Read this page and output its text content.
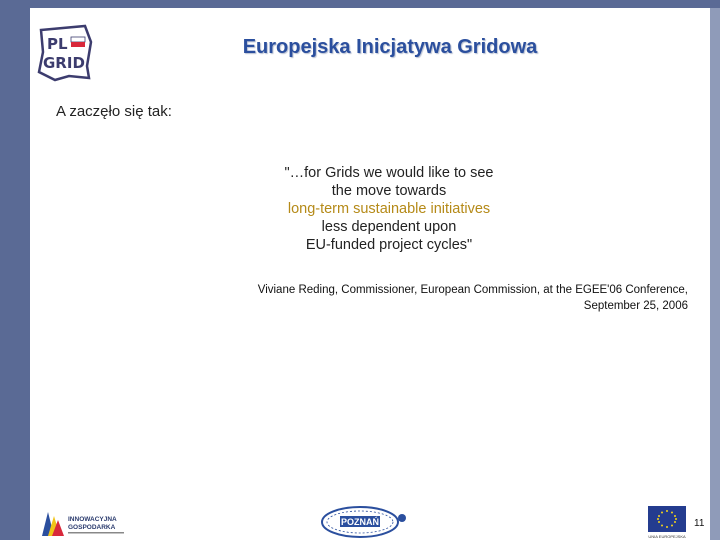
PL
GRID
Europejska Inicjatywa Gridowa
A zaczęło się tak:
"…for Grids we would like to see
the move towards
long-term sustainable initiatives
less dependent upon
EU-funded project cycles"
Viviane Reding, Commissioner, European Commission, at the EGEE'06 Conference,
September 25, 2006
INNOWACYJNA
GOSPODARKA
POZNAŃ
UNIA EUROPEJSKA
11
